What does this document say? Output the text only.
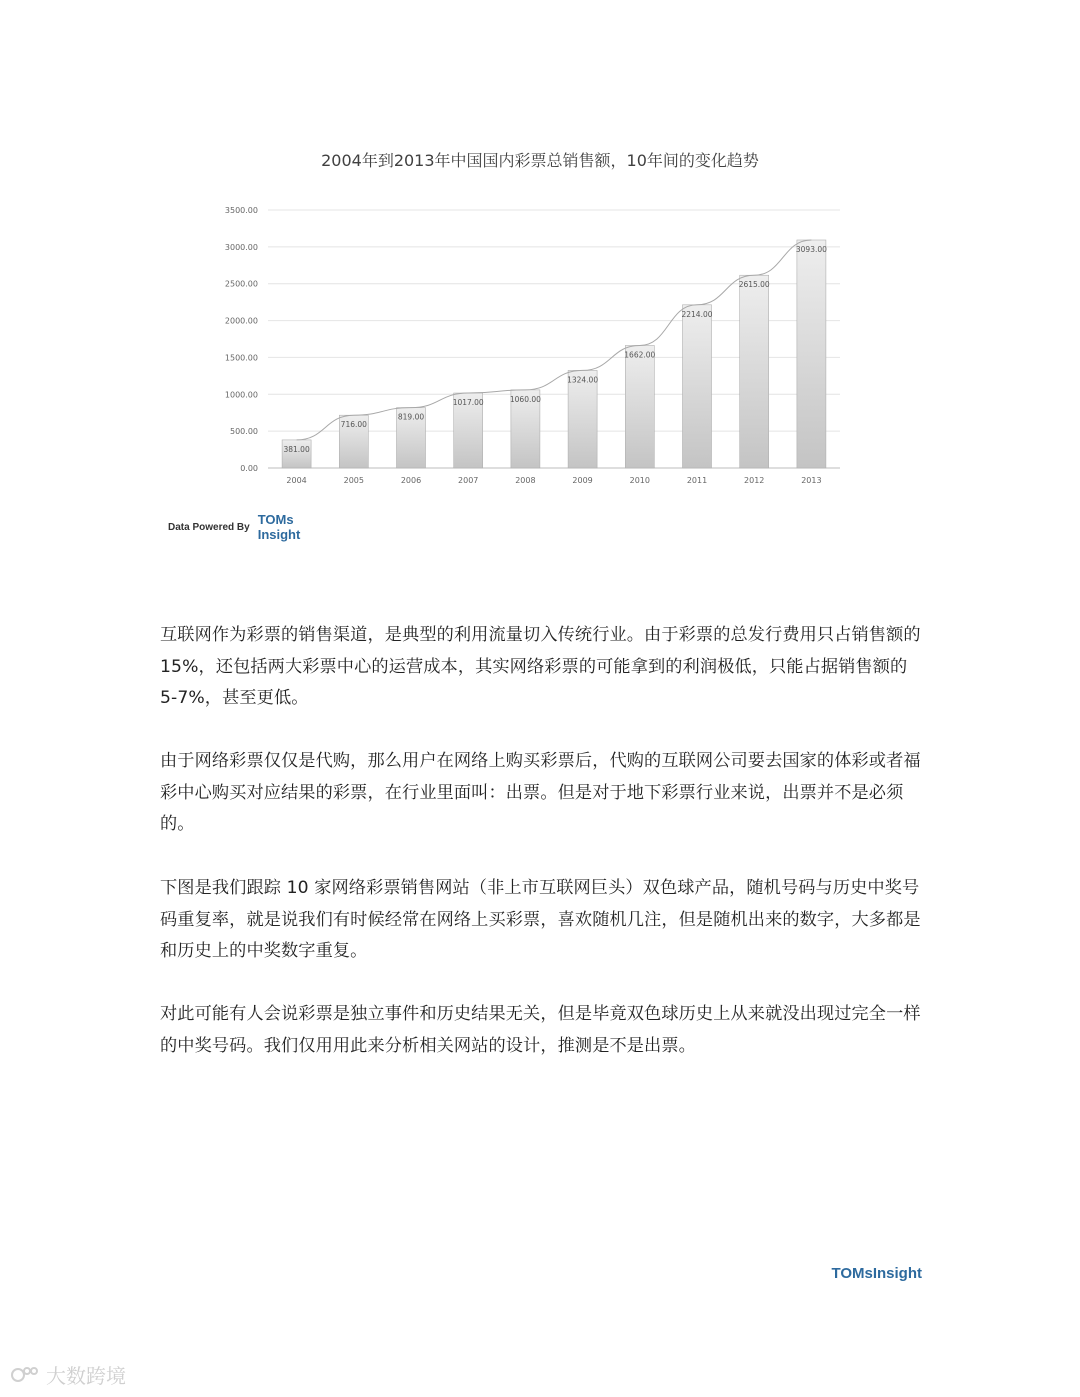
2004年到2013年中国国内彩票总销售额，10年间的变化趋势
0.00
500.00
1000.00
1500.00
2000.00
2500.00
3000.00
3500.00
381.00
2004
716.00
2005
819.00
2006
1017.00
2007
1060.00
2008
1324.00
2009
1662.00
2010
2214.00
2011
2615.00
2012
3093.00
2013
Data Powered By TOMs
Insight

互联网作为彩票的销售渠道，是典型的利用流量切入传统行业。由于彩票的总发行费用只占销售额的 15%，还包括两大彩票中心的运营成本，其实网络彩票的可能拿到的利润极低，只能占据销售额的 5-7%，甚至更低。

由于网络彩票仅仅是代购，那么用户在网络上购买彩票后，代购的互联网公司要去国家的体彩或者福彩中心购买对应结果的彩票，在行业里面叫：出票。但是对于地下彩票行业来说，出票并不是必须的。

下图是我们跟踪 10 家网络彩票销售网站（非上市互联网巨头）双色球产品，随机号码与历史中奖号码重复率，就是说我们有时候经常在网络上买彩票，喜欢随机几注，但是随机出来的数字，大多都是和历史上的中奖数字重复。

对此可能有人会说彩票是独立事件和历史结果无关，但是毕竟双色球历史上从来就没出现过完全一样的中奖号码。我们仅用用此来分析相关网站的设计，推测是不是出票。

TOMsInsight
大数跨境
